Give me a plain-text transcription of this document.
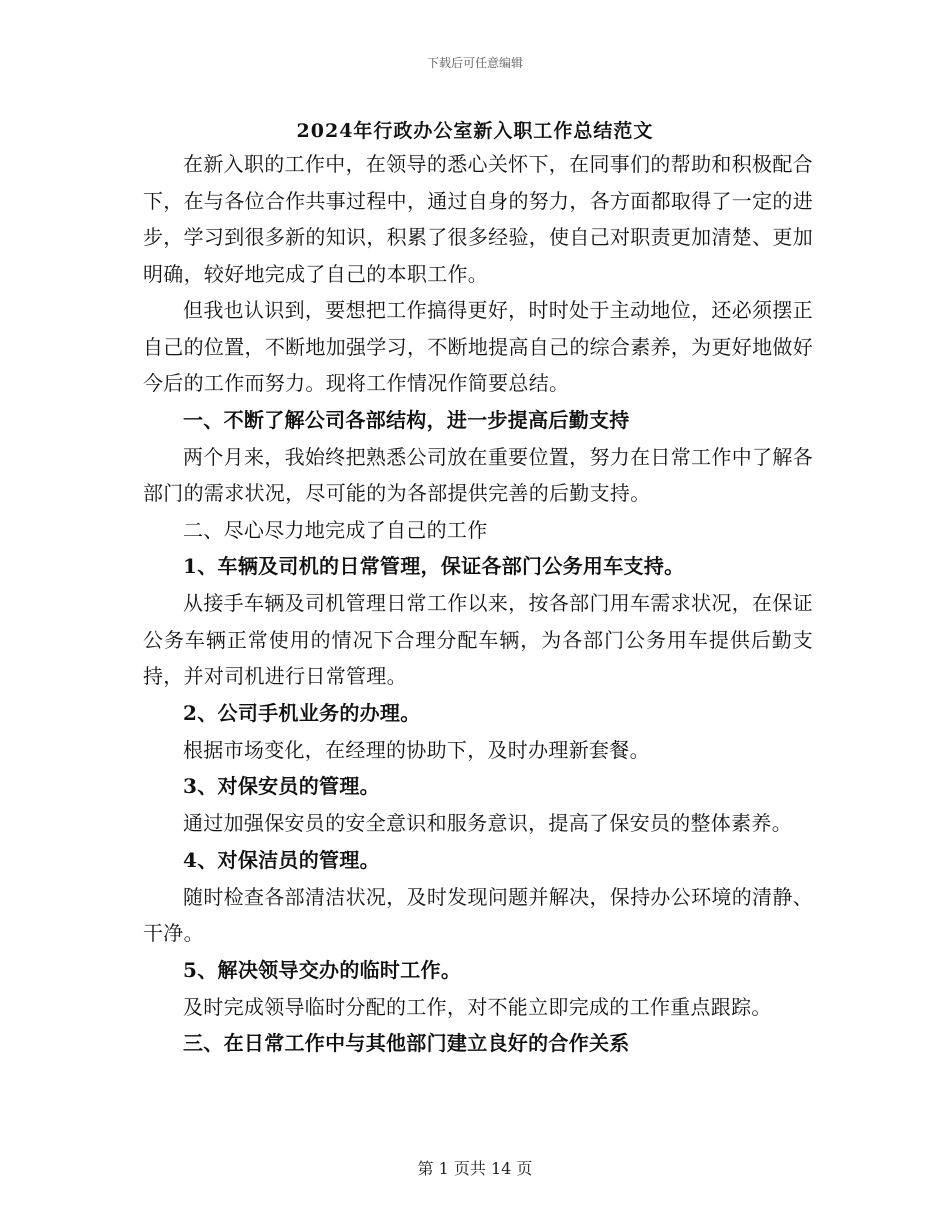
下载后可任意编辑
2024年行政办公室新入职工作总结范文

在新入职的工作中，在领导的悉心关怀下，在同事们的帮助和积极配合下，在与各位合作共事过程中，通过自身的努力，各方面都取得了一定的进步，学习到很多新的知识，积累了很多经验，使自己对职责更加清楚、更加明确，较好地完成了自己的本职工作。

但我也认识到，要想把工作搞得更好，时时处于主动地位，还必须摆正自己的位置，不断地加强学习，不断地提高自己的综合素养，为更好地做好今后的工作而努力。现将工作情况作简要总结。

一、不断了解公司各部结构，进一步提高后勤支持

两个月来，我始终把熟悉公司放在重要位置，努力在日常工作中了解各部门的需求状况，尽可能的为各部提供完善的后勤支持。

二、尽心尽力地完成了自己的工作

1、车辆及司机的日常管理，保证各部门公务用车支持。

从接手车辆及司机管理日常工作以来，按各部门用车需求状况，在保证公务车辆正常使用的情况下合理分配车辆，为各部门公务用车提供后勤支持，并对司机进行日常管理。

2、公司手机业务的办理。

根据市场变化，在经理的协助下，及时办理新套餐。

3、对保安员的管理。

通过加强保安员的安全意识和服务意识，提高了保安员的整体素养。

4、对保洁员的管理。

随时检查各部清洁状况，及时发现问题并解决，保持办公环境的清静、干净。

5、解决领导交办的临时工作。

及时完成领导临时分配的工作，对不能立即完成的工作重点跟踪。

三、在日常工作中与其他部门建立良好的合作关系

第 1 页共 14 页
